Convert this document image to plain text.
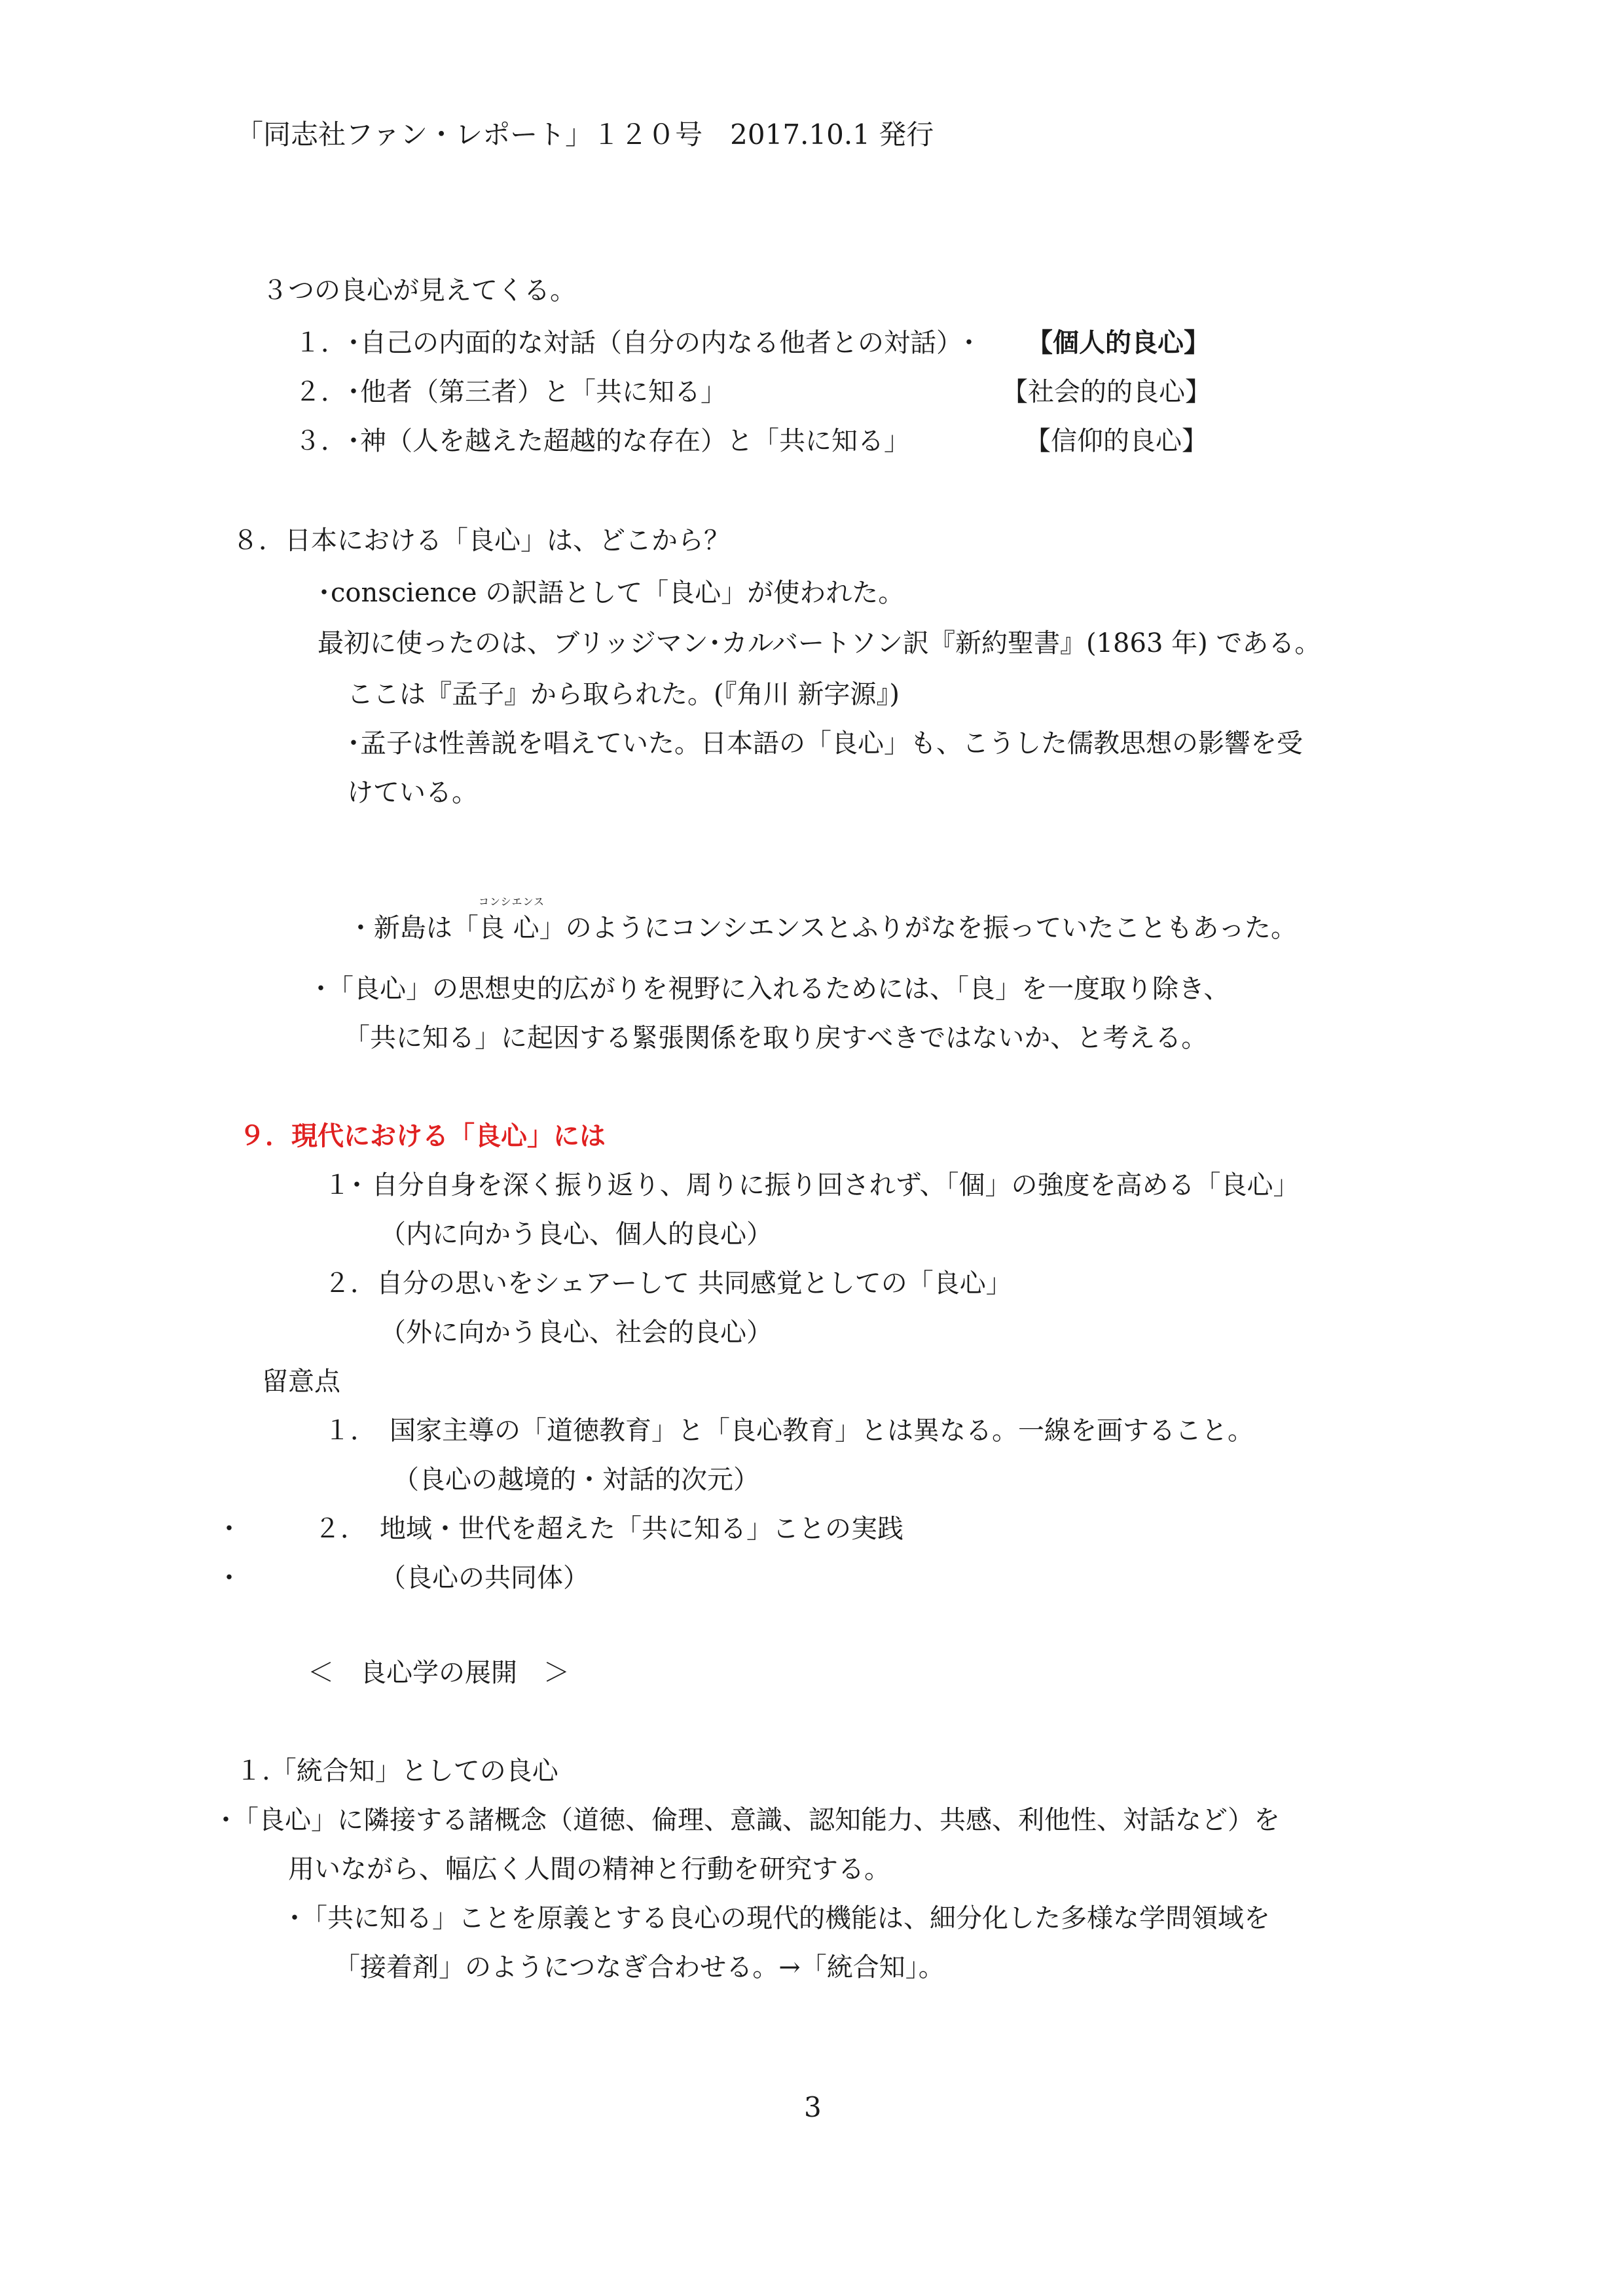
「同志社ファン・レポート」１２０号　2017.10.1 発行
３つの良心が見えてくる。
１．･自己の内面的な対話（自分の内なる他者との対話）･ 【個人的良心】
２．･他者（第三者）と「共に知る」	【社会的的良心】
３．･神（人を越えた超越的な存在）と「共に知る」	【信仰的良心】
８．日本における「良心」は、どこから？
･conscience の訳語として「良心」が使われた。
最初に使ったのは、ブリッジマン･カルバートソン訳『新約聖書』(1863 年) である。
ここは『孟子』から取られた。(『角川 新字源』)
･孟子は性善説を唱えていた。日本語の「良心」も、こうした儒教思想の影響を受
けている。

・新島は「
コンシエンス
良 心」のようにコンシエンスとふりがなを振っていたこともあった。

･「良心」の思想史的広がりを視野に入れるためには、「良」を一度取り除き、
「共に知る」に起因する緊張関係を取り戻すべきではないか、と考える。
９．現代における「良心」には
１･ 自分自身を深く振り返り、周りに振り回されず、「個」の強度を高める「良心」
（内に向かう良心、個人的良心）
２．自分の思いをシェアーして 共同感覚としての「良心」
（外に向かう良心、社会的良心）
留意点
１．　国家主導の「道徳教育」と「良心教育」とは異なる。一線を画すること。
（良心の越境的・対話的次元）
･	２．　地域・世代を超えた「共に知る」ことの実践
･	（良心の共同体）
＜　良心学の展開　＞
１.「統合知」としての良心
･「良心」に隣接する諸概念（道徳、倫理、意識、認知能力、共感、利他性、対話など）を
用いながら、幅広く人間の精神と行動を研究する。
･「共に知る」ことを原義とする良心の現代的機能は、細分化した多様な学問領域を
「接着剤」のようにつなぎ合わせる。→「統合知」。
3
